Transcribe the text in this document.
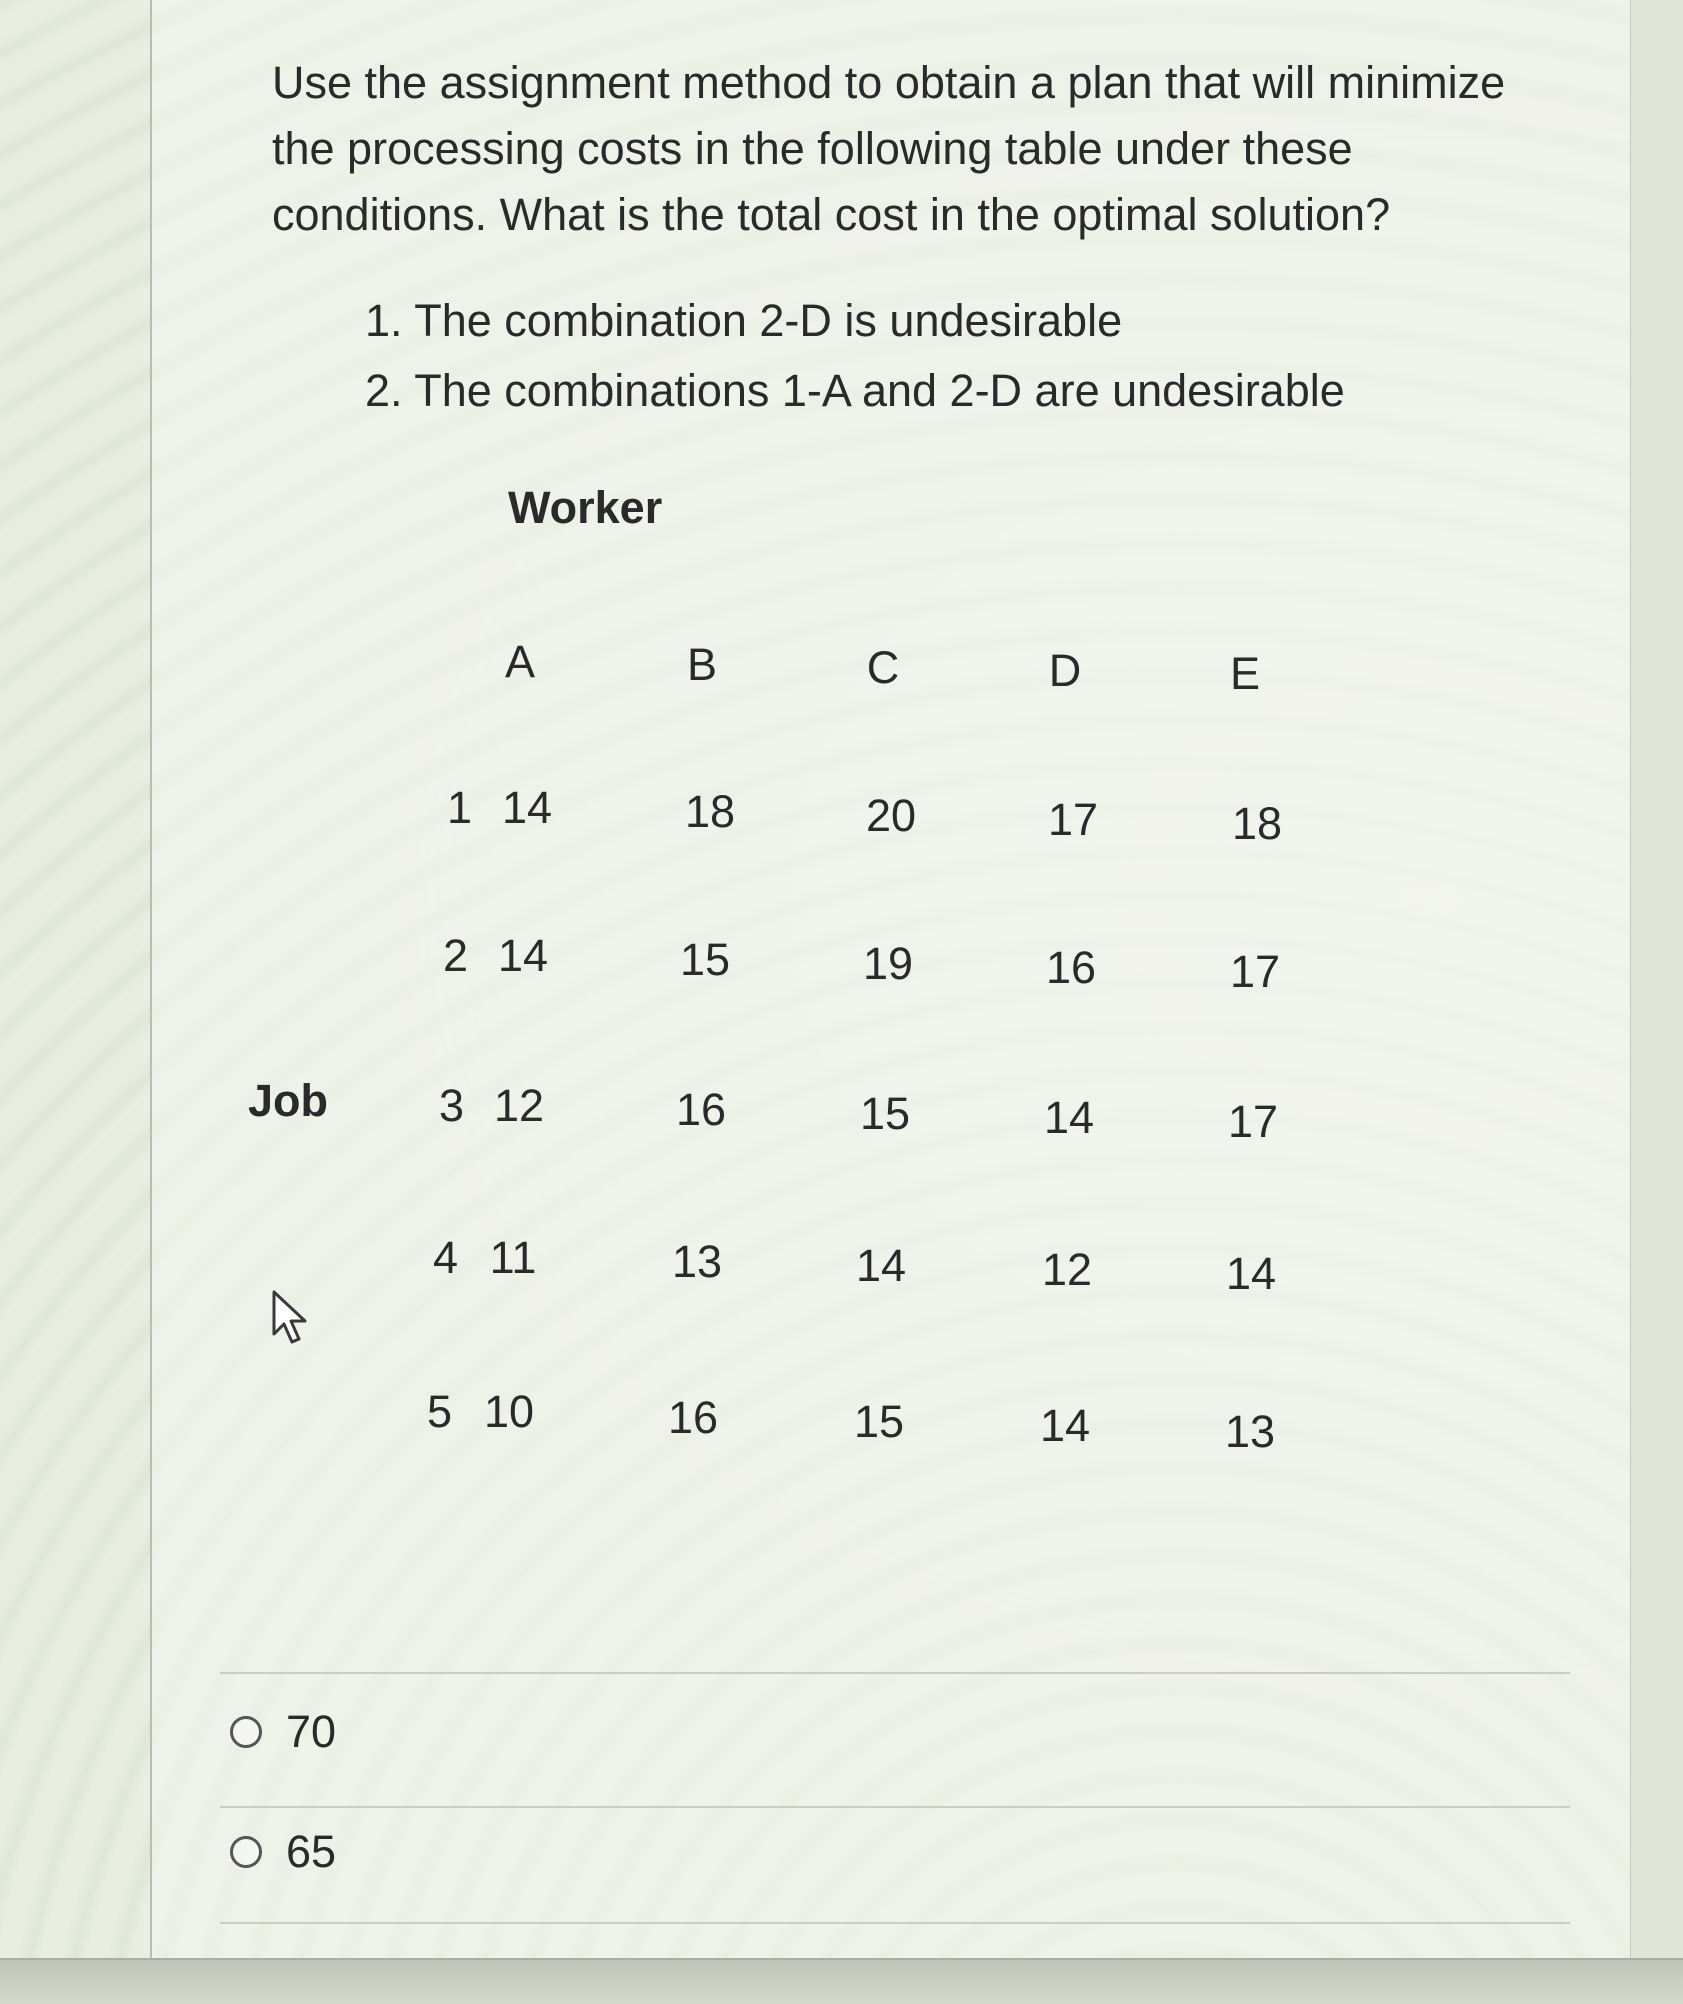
Use the assignment method to obtain a plan that will minimize the processing costs in the following table under these conditions. What is the total cost in the optimal solution?

1. The combination 2-D is undesirable
2. The combinations 1-A and 2-D are undesirable
Worker
Job
A	B	C	D	E
1 14	18	20	17	18
2 14	15	19	16	17
3 12	16	15	14	17
4 11	13	14	12	14
5 10	16	15	14	13
70
65
